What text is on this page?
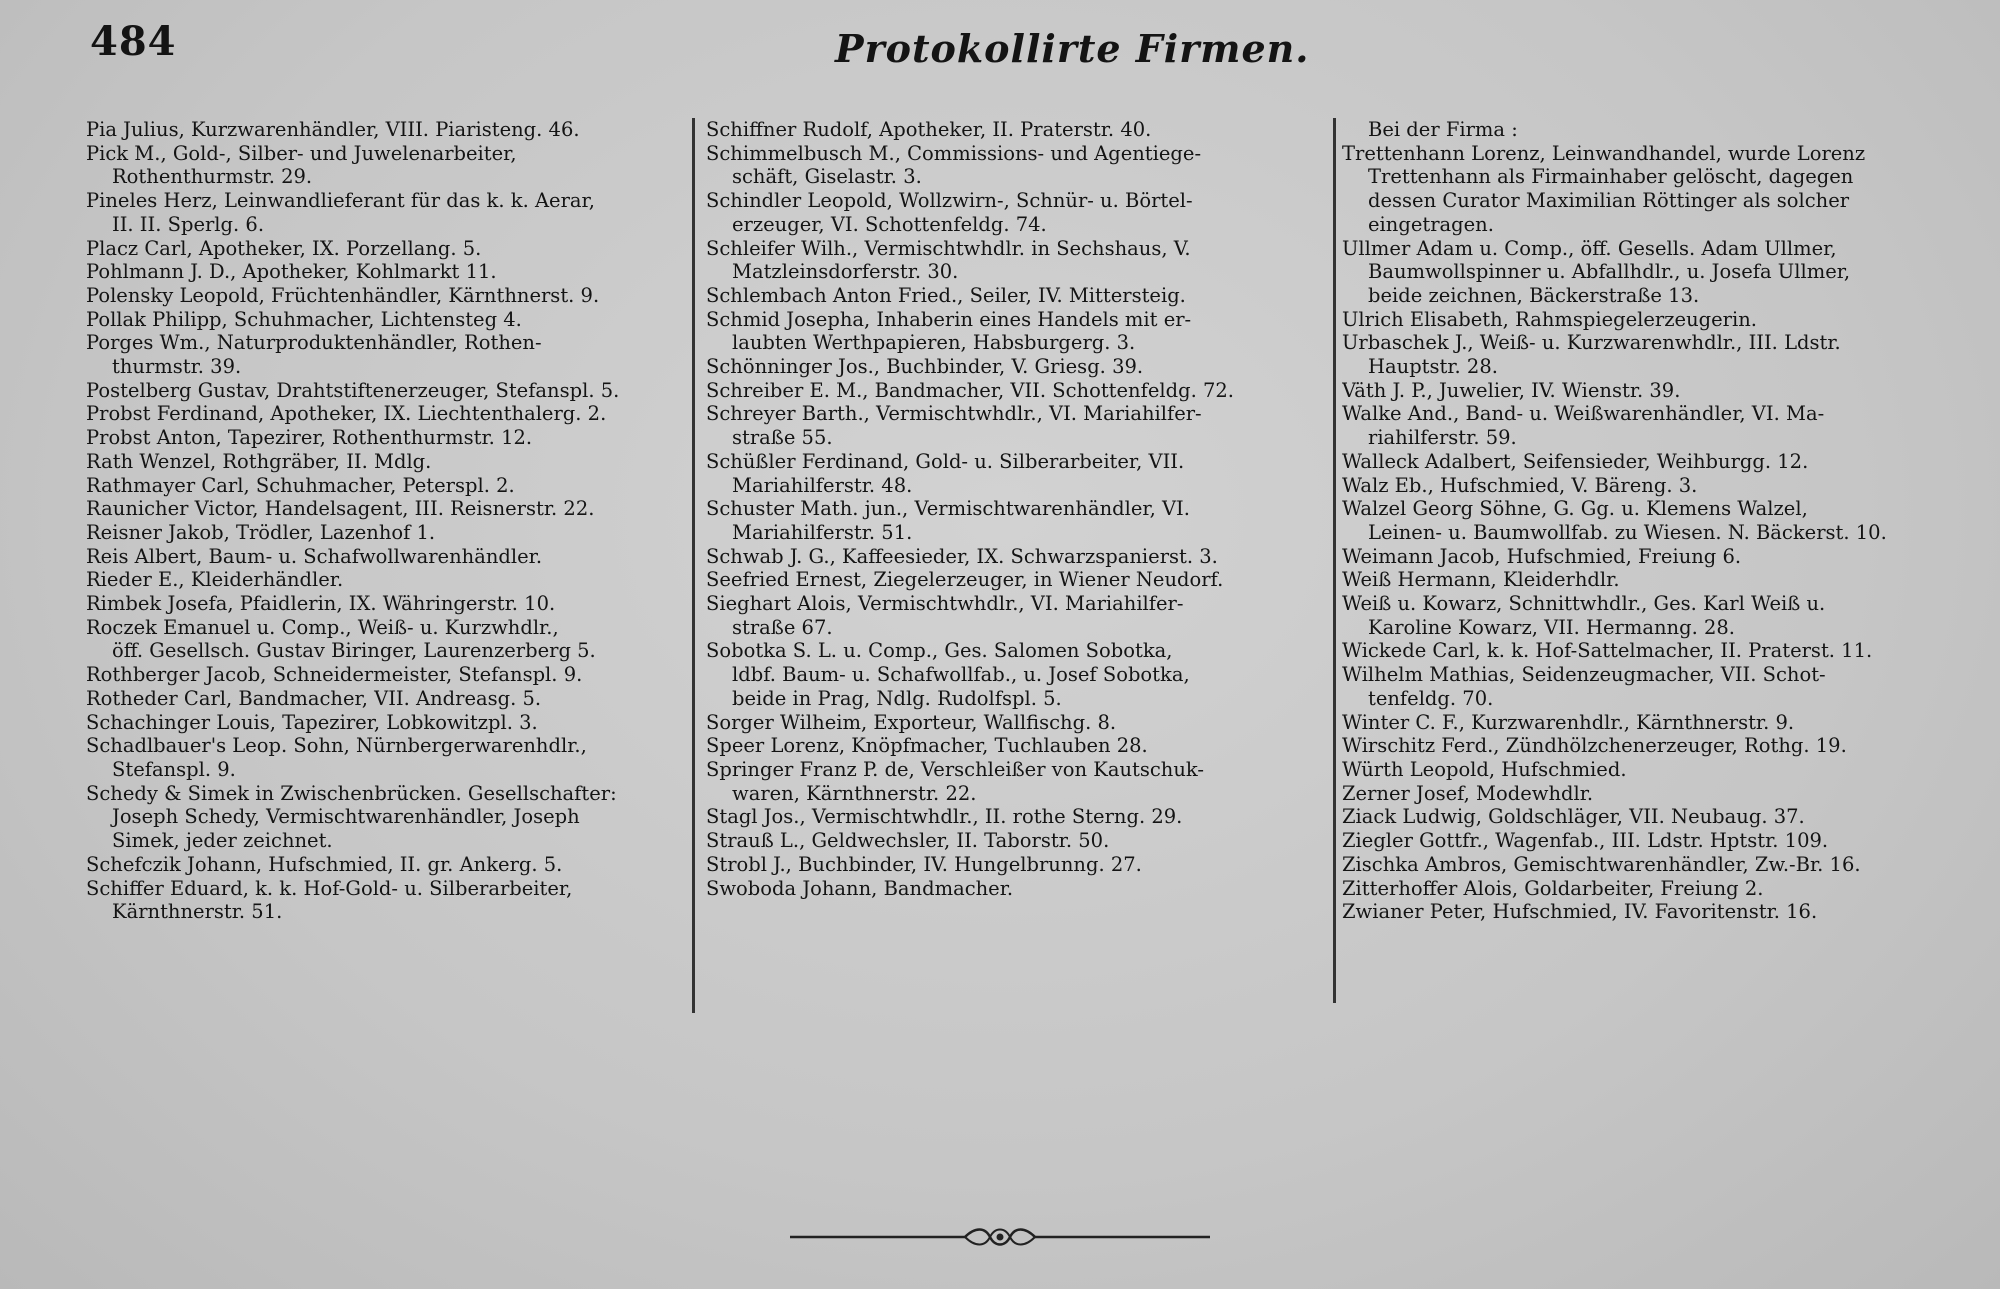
484	Protokollirte Firmen.
Pia Julius, Kurzwarenhändler, VIII. Piaristeng. 46.
Pick M., Gold-, Silber- und Juwelenarbeiter,
Rothenthurmstr. 29.
Pineles Herz, Leinwandlieferant für das k. k. Aerar,
II. II. Sperlg. 6.
Placz Carl, Apotheker, IX. Porzellang. 5.
Pohlmann J. D., Apotheker, Kohlmarkt 11.
Polensky Leopold, Früchtenhändler, Kärnthnerst. 9.
Pollak Philipp, Schuhmacher, Lichtensteg 4.
Porges Wm., Naturproduktenhändler, Rothen-
thurmstr. 39.
Postelberg Gustav, Drahtstiftenerzeuger, Stefanspl. 5.
Probst Ferdinand, Apotheker, IX. Liechtenthalerg. 2.
Probst Anton, Tapezirer, Rothenthurmstr. 12.
Rath Wenzel, Rothgräber, II. Mdlg.
Rathmayer Carl, Schuhmacher, Peterspl. 2.
Raunicher Victor, Handelsagent, III. Reisnerstr. 22.
Reisner Jakob, Trödler, Lazenhof 1.
Reis Albert, Baum- u. Schafwollwarenhändler.
Rieder E., Kleiderhändler.
Rimbek Josefa, Pfaidlerin, IX. Währingerstr. 10.
Roczek Emanuel u. Comp., Weiß- u. Kurzwhdlr.,
öff. Gesellsch. Gustav Biringer, Laurenzerberg 5.
Rothberger Jacob, Schneidermeister, Stefanspl. 9.
Rotheder Carl, Bandmacher, VII. Andreasg. 5.
Schachinger Louis, Tapezirer, Lobkowitzpl. 3.
Schadlbauer's Leop. Sohn, Nürnbergerwarenhdlr.,
Stefanspl. 9.
Schedy & Simek in Zwischenbrücken. Gesellschafter:
Joseph Schedy, Vermischtwarenhändler, Joseph
Simek, jeder zeichnet.
Schefczik Johann, Hufschmied, II. gr. Ankerg. 5.
Schiffer Eduard, k. k. Hof-Gold- u. Silberarbeiter,
Kärnthnerstr. 51.
Schiffner Rudolf, Apotheker, II. Praterstr. 40.
Schimmelbusch M., Commissions- und Agentiege-
schäft, Giselastr. 3.
Schindler Leopold, Wollzwirn-, Schnür- u. Börtel-
erzeuger, VI. Schottenfeldg. 74.
Schleifer Wilh., Vermischtwhdlr. in Sechshaus, V.
Matzleinsdorferstr. 30.
Schlembach Anton Fried., Seiler, IV. Mittersteig.
Schmid Josepha, Inhaberin eines Handels mit er-
laubten Werthpapieren, Habsburgerg. 3.
Schönninger Jos., Buchbinder, V. Griesg. 39.
Schreiber E. M., Bandmacher, VII. Schottenfeldg. 72.
Schreyer Barth., Vermischtwhdlr., VI. Mariahilfer-
straße 55.
Schüßler Ferdinand, Gold- u. Silberarbeiter, VII.
Mariahilferstr. 48.
Schuster Math. jun., Vermischtwarenhändler, VI.
Mariahilferstr. 51.
Schwab J. G., Kaffeesieder, IX. Schwarzspanierst. 3.
Seefried Ernest, Ziegelerzeuger, in Wiener Neudorf.
Sieghart Alois, Vermischtwhdlr., VI. Mariahilfer-
straße 67.
Sobotka S. L. u. Comp., Ges. Salomen Sobotka,
ldbf. Baum- u. Schafwollfab., u. Josef Sobotka,
beide in Prag, Ndlg. Rudolfspl. 5.
Sorger Wilheim, Exporteur, Wallfischg. 8.
Speer Lorenz, Knöpfmacher, Tuchlauben 28.
Springer Franz P. de, Verschleißer von Kautschuk-
waren, Kärnthnerstr. 22.
Stagl Jos., Vermischtwhdlr., II. rothe Sterng. 29.
Strauß L., Geldwechsler, II. Taborstr. 50.
Strobl J., Buchbinder, IV. Hungelbrunng. 27.
Swoboda Johann, Bandmacher.
Bei der Firma :
Trettenhann Lorenz, Leinwandhandel, wurde Lorenz
Trettenhann als Firmainhaber gelöscht, dagegen
dessen Curator Maximilian Röttinger als solcher
eingetragen.
Ullmer Adam u. Comp., öff. Gesells. Adam Ullmer,
Baumwollspinner u. Abfallhdlr., u. Josefa Ullmer,
beide zeichnen, Bäckerstraße 13.
Ulrich Elisabeth, Rahmspiegelerzeugerin.
Urbaschek J., Weiß- u. Kurzwarenwhdlr., III. Ldstr.
Hauptstr. 28.
Väth J. P., Juwelier, IV. Wienstr. 39.
Walke And., Band- u. Weißwarenhändler, VI. Ma-
riahilferstr. 59.
Walleck Adalbert, Seifensieder, Weihburgg. 12.
Walz Eb., Hufschmied, V. Bäreng. 3.
Walzel Georg Söhne, G. Gg. u. Klemens Walzel,
Leinen- u. Baumwollfab. zu Wiesen. N. Bäckerst. 10.
Weimann Jacob, Hufschmied, Freiung 6.
Weiß Hermann, Kleiderhdlr.
Weiß u. Kowarz, Schnittwhdlr., Ges. Karl Weiß u.
Karoline Kowarz, VII. Hermanng. 28.
Wickede Carl, k. k. Hof-Sattelmacher, II. Praterst. 11.
Wilhelm Mathias, Seidenzeugmacher, VII. Schot-
tenfeldg. 70.
Winter C. F., Kurzwarenhdlr., Kärnthnerstr. 9.
Wirschitz Ferd., Zündhölzchenerzeuger, Rothg. 19.
Würth Leopold, Hufschmied.
Zerner Josef, Modewhdlr.
Ziack Ludwig, Goldschläger, VII. Neubaug. 37.
Ziegler Gottfr., Wagenfab., III. Ldstr. Hptstr. 109.
Zischka Ambros, Gemischtwarenhändler, Zw.-Br. 16.
Zitterhoffer Alois, Goldarbeiter, Freiung 2.
Zwianer Peter, Hufschmied, IV. Favoritenstr. 16.
